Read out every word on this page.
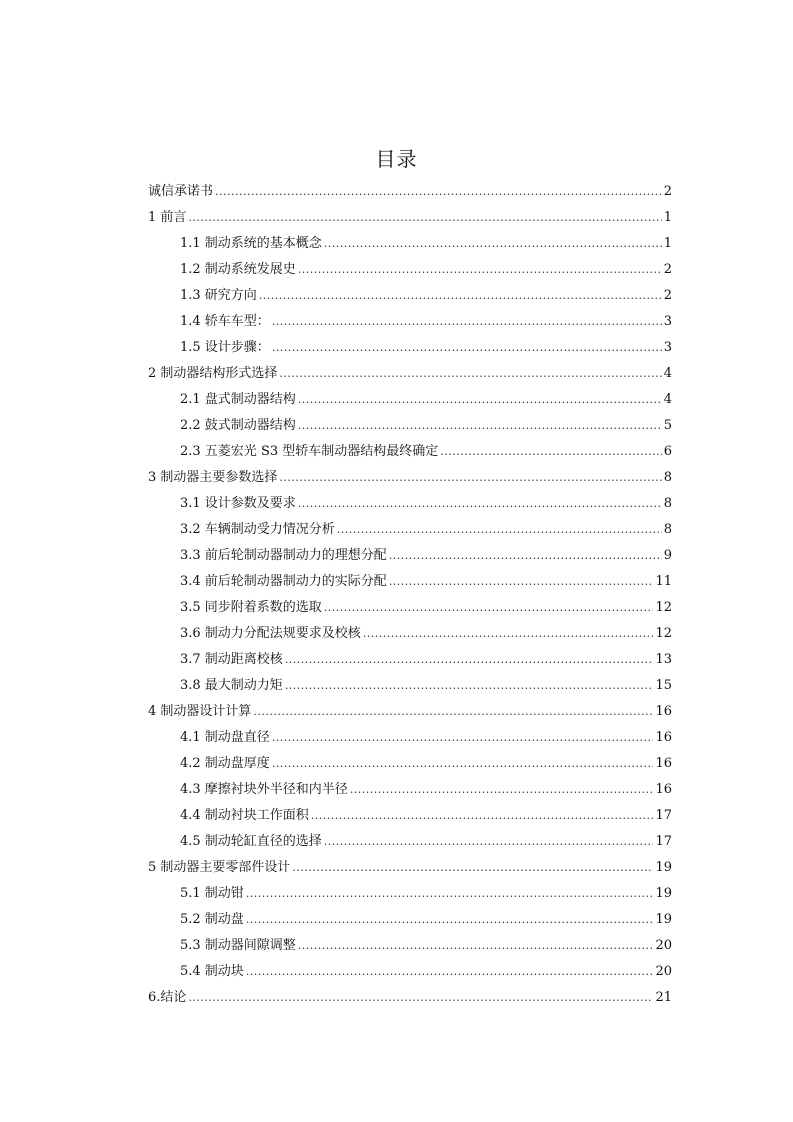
目录
诚信承诺书 .....	2
1 前言 .....	1
1.1 制动系统的基本概念 .....	1
1.2 制动系统发展史 .....	2
1.3 研究方向 .....	2
1.4 轿车车型： .....	3
1.5 设计步骤： .....	3
2 制动器结构形式选择 .....	4
2.1 盘式制动器结构 .....	4
2.2 鼓式制动器结构 .....	5
2.3 五菱宏光 S3 型轿车制动器结构最终确定 .....	6
3 制动器主要参数选择 .....	8
3.1 设计参数及要求 .....	8
3.2 车辆制动受力情况分析 .....	8
3.3 前后轮制动器制动力的理想分配 .....	9
3.4 前后轮制动器制动力的实际分配 .....	11
3.5 同步附着系数的选取 .....	12
3.6 制动力分配法规要求及校核 .....	12
3.7 制动距离校核 .....	13
3.8 最大制动力矩 .....	15
4 制动器设计计算 .....	16
4.1 制动盘直径 .....	16
4.2 制动盘厚度 .....	16
4.3 摩擦衬块外半径和内半径 .....	16
4.4 制动衬块工作面积 .....	17
4.5 制动轮缸直径的选择 .....	17
5 制动器主要零部件设计 .....	19
5.1 制动钳 .....	19
5.2 制动盘 .....	19
5.3 制动器间隙调整 .....	20
5.4 制动块 .....	20
6.结论 .....	21
